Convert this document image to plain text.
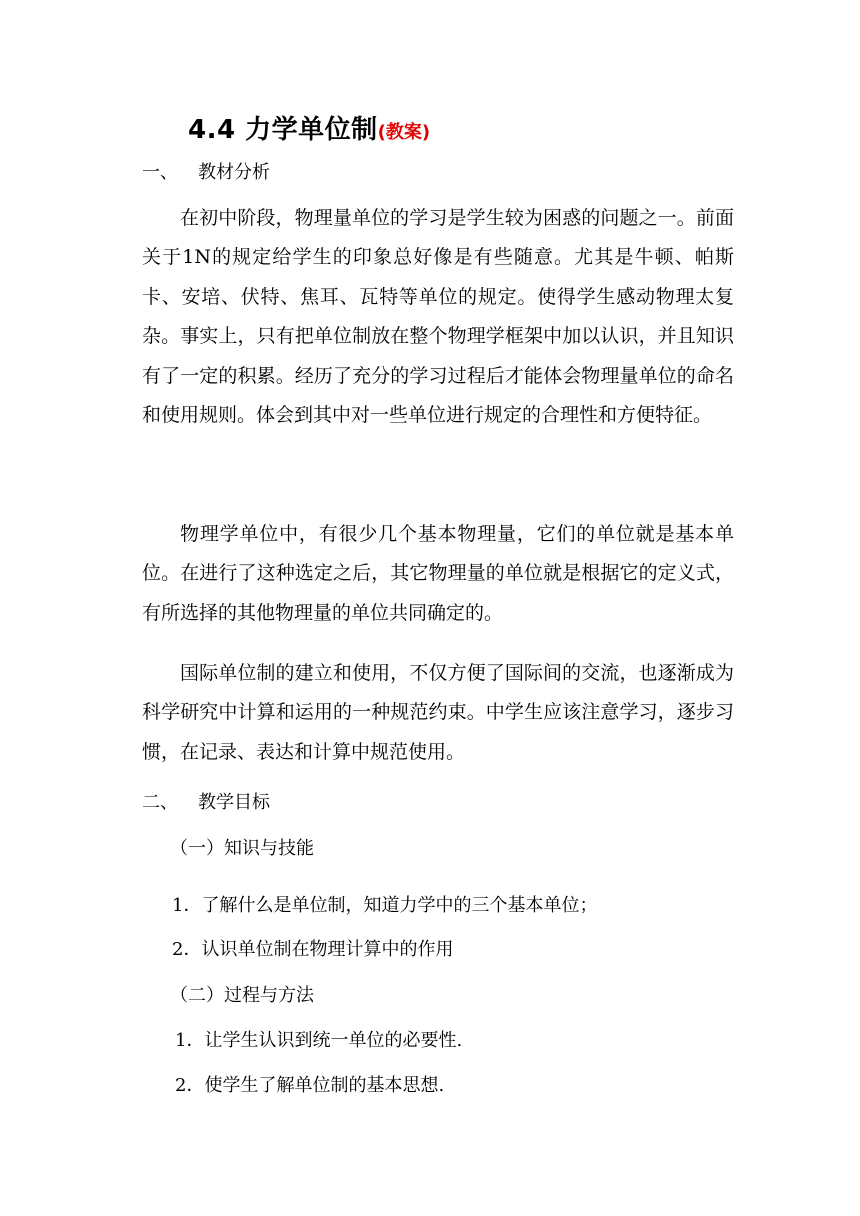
4.4 力学单位制(教案)
一、 教材分析

在初中阶段，物理量单位的学习是学生较为困惑的问题之一。前面关于1N的规定给学生的印象总好像是有些随意。尤其是牛顿、帕斯卡、安培、伏特、焦耳、瓦特等单位的规定。使得学生感动物理太复杂。事实上，只有把单位制放在整个物理学框架中加以认识，并且知识有了一定的积累。经历了充分的学习过程后才能体会物理量单位的命名和使用规则。体会到其中对一些单位进行规定的合理性和方便特征。

物理学单位中，有很少几个基本物理量，它们的单位就是基本单位。在进行了这种选定之后，其它物理量的单位就是根据它的定义式，有所选择的其他物理量的单位共同确定的。

国际单位制的建立和使用，不仅方便了国际间的交流，也逐渐成为科学研究中计算和运用的一种规范约束。中学生应该注意学习，逐步习惯，在记录、表达和计算中规范使用。

二、 教学目标
（一）知识与技能
1．了解什么是单位制，知道力学中的三个基本单位；
2．认识单位制在物理计算中的作用
（二）过程与方法
1．让学生认识到统一单位的必要性.
2．使学生了解单位制的基本思想.
